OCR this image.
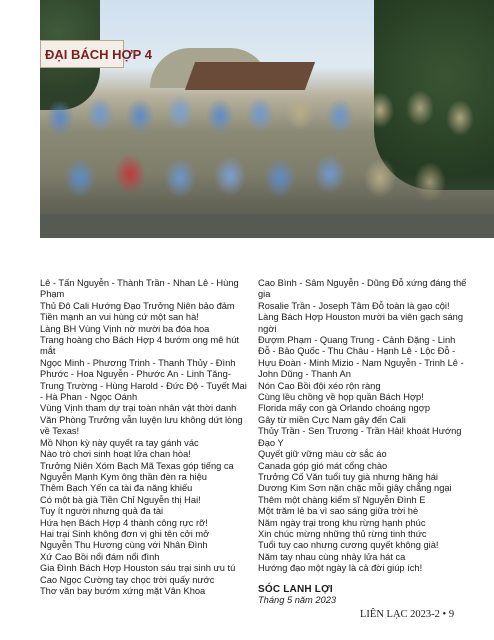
ĐẠI BÁCH HỢP 4
Lê - Tấn Nguyễn - Thành Trần - Nhan Lê - Hùng Phạm
Thủ Đô Cali Hướng Đạo Trưởng Niên bảo đảm
Tiền mạnh an vui hùng cứ một san hà!
Làng BH Vùng Vịnh nờ mười ba đóa hoa
Trang hoàng cho Bách Hợp 4 bướm ong mê hút mắt
Ngọc Minh - Phương Trinh - Thanh Thủy - Đình Phước - Hoa Nguyễn - Phước An - Linh Tăng-Trung Trường - Hùng Harold - Đức Độ - Tuyết Mai - Hà Phan - Ngọc Oánh
Vùng Vịnh tham dự trại toàn nhân vật thời danh
Văn Phòng Trưởng vẫn luyện lưu không dứt lòng về Texas!
Mồ Nhọn kỳ này quyết ra tay gánh vác
Nào trò chơi sinh hoạt lửa chan hòa!
Trưởng Niên Xóm Bạch Mã Texas góp tiếng ca
Nguyễn Mạnh Kym ông thần đèn ra hiệu
Thêm Bạch Yến ca tài đa năng khiếu
Có một bà già Tiền Chỉ Nguyễn thị Hai!
Tuy ít người nhưng quả đa tài
Hứa hẹn Bách Hợp 4 thành công rực rỡ!
Hai trại Sinh không đơn vị ghi tên cởi mở
Nguyễn Thu Hương cùng với Nhân Đình
Xứ Cao Bồi nổi đám nổi đình
Gia Đình Bách Hợp Houston sáu trại sinh ưu tú
Cao Ngọc Cường tay chọc trời quấy nước
Thơ văn bay bướm xứng mặt Vân Khoa
Cao Bình - Sâm Nguyễn - Dũng Đỗ xứng đáng thế gia
Rosalie Trần - Joseph Tâm Đỗ toàn là gạo cội!
Làng Bách Hợp Houston mười ba viên gạch sáng ngời
Đượm Phạm - Quang Trung - Cảnh Đặng - Linh Đỗ - Bảo Quốc - Thu Châu - Hạnh Lê - Lộc Đỗ - Hựu Đoàn - Minh Mizio - Nam Nguyễn - Trinh Lê - John Dũng - Thanh An
Nón Cao Bồi đội xéo rộn ràng
Cùng lều chồng về họp quần Bách Hợp!
Florida mấy con gà Orlando choáng ngợp
Gây từ miền Cực Nam gây đến Cali
Thủy Trần - Sen Trương - Trần Hải! khoát Hướng Đạo Y
Quyết giữ vững màu cờ sắc áo
Canada góp gió mát cổng chào
Trưởng Cố Văn tuổi tuy già nhưng hăng hái
Dương Kim Sơn nặn chặc mỗi giây chẳng ngại
Thêm một chàng kiếm sĩ Nguyễn Đình E
Một trăm lẻ ba vì sao sáng giữa trời hè
Năm ngày trại trong khu rừng hạnh phúc
Xin chúc mừng những thủ rừng tinh thức
Tuổi tuy cao nhưng cương quyết không già!
Năm tay nhau cùng nhảy lửa hát ca
Hướng đạo một ngày là cả đời giúp ích!
SÓC LANH LỢI
Tháng 5 năm 2023
LIÊN LẠC 2023-2 • 9
